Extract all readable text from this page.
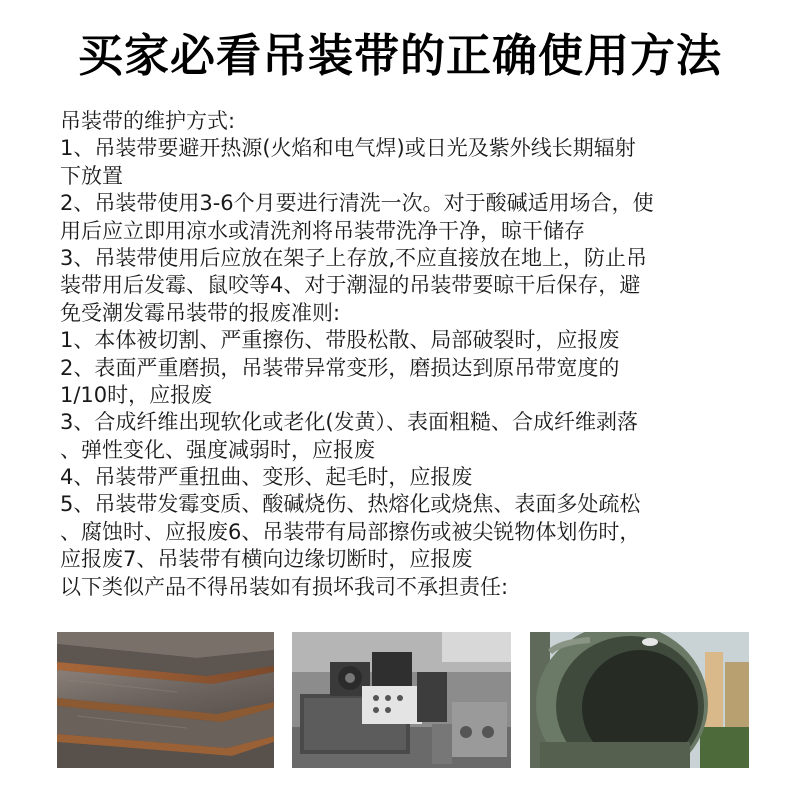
买家必看吊装带的正确使用方法
吊装带的维护方式:
1、吊装带要避开热源(火焰和电气焊)或日光及紫外线长期辐射
下放置
2、吊装带使用3-6个月要进行清洗一次。对于酸碱适用场合，使
用后应立即用凉水或清洗剂将吊装带洗净干净，晾干储存
3、吊装带使用后应放在架子上存放,不应直接放在地上，防止吊
装带用后发霉、鼠咬等4、对于潮湿的吊装带要晾干后保存，避
免受潮发霉吊装带的报废准则:
1、本体被切割、严重擦伤、带股松散、局部破裂时，应报废
2、表面严重磨损，吊装带异常变形，磨损达到原吊带宽度的
1/10时，应报废
3、合成纤维出现软化或老化(发黄）、表面粗糙、合成纤维剥落
、弹性变化、强度减弱时，应报废
4、吊装带严重扭曲、变形、起毛时，应报废
5、吊装带发霉变质、酸碱烧伤、热熔化或烧焦、表面多处疏松
、腐蚀时、应报废6、吊装带有局部擦伤或被尖锐物体划伤时，
应报废7、吊装带有横向边缘切断时，应报废
以下类似产品不得吊装如有损坏我司不承担责任:
